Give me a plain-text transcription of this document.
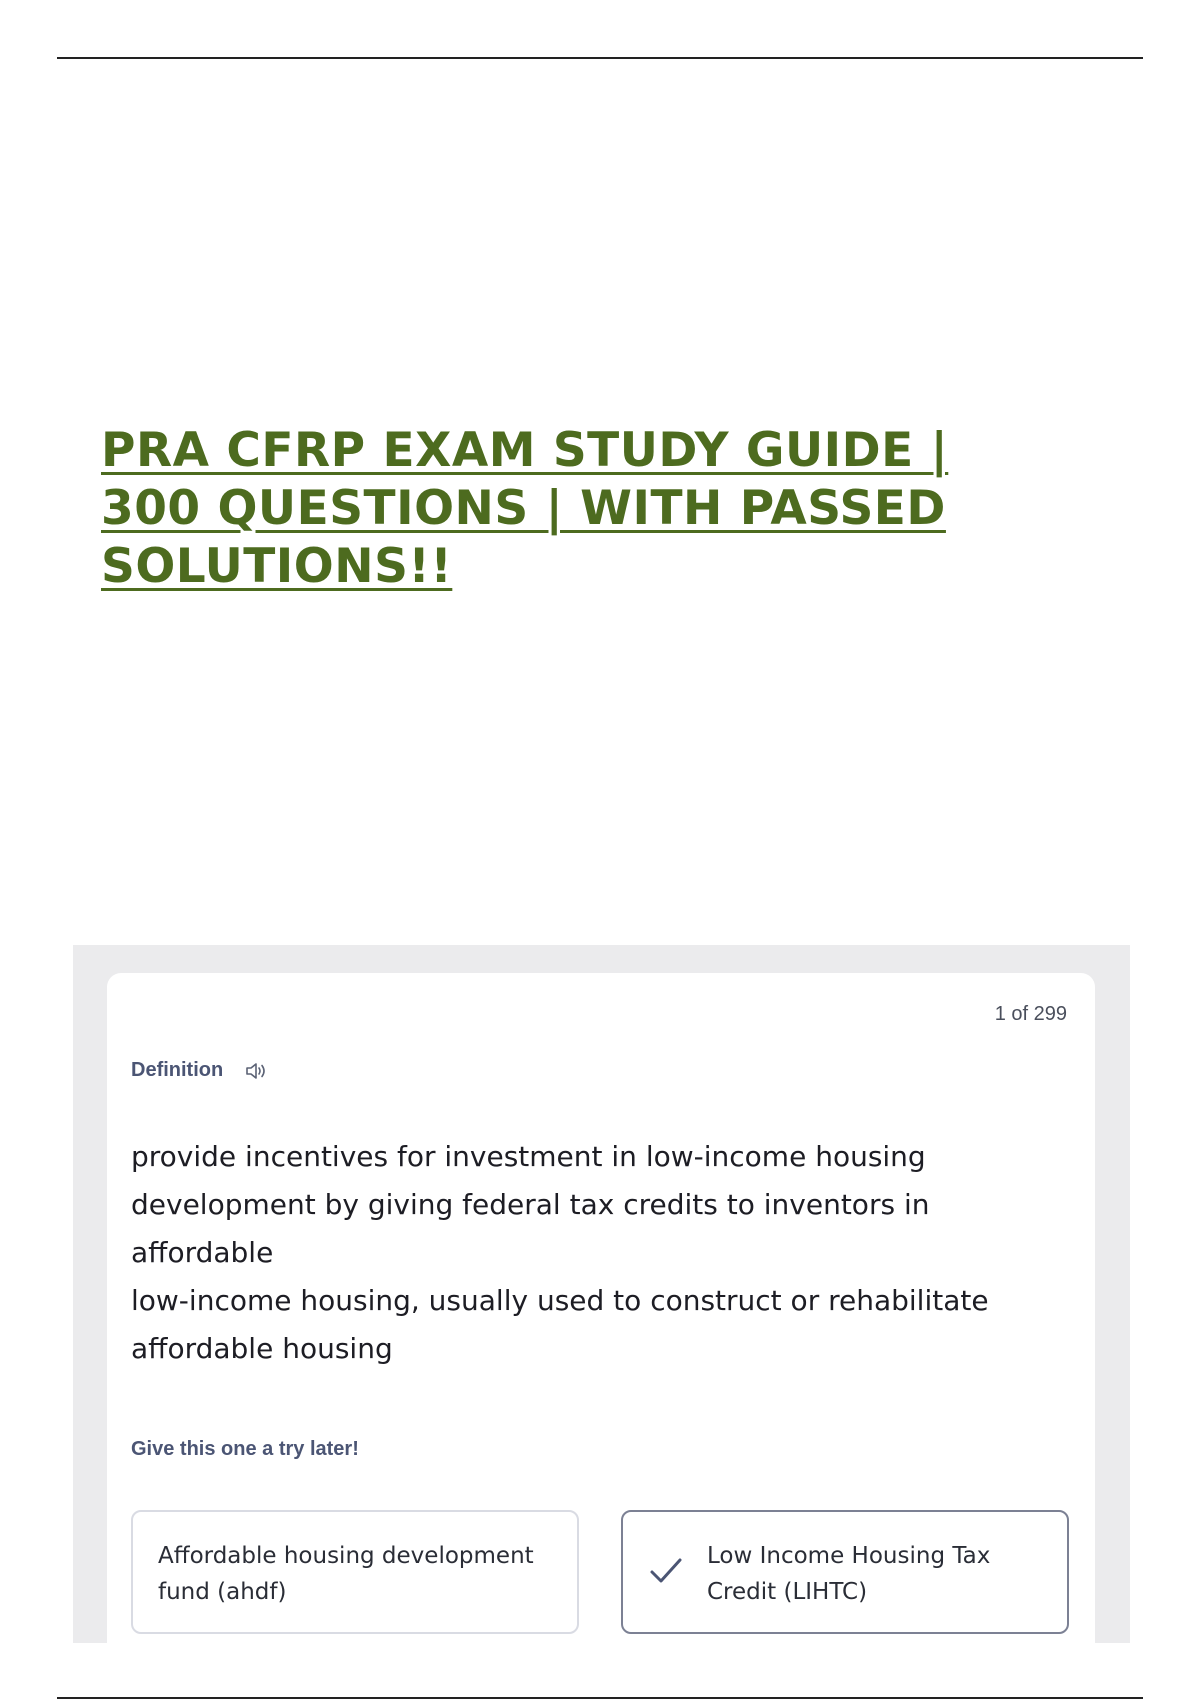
PRA CFRP EXAM STUDY GUIDE |
300 QUESTIONS | WITH PASSED
SOLUTIONS!!
1 of 299
Definition

provide incentives for investment in low-income housing
development by giving federal tax credits to inventors in affordable
low-income housing, usually used to construct or rehabilitate
affordable housing

Give this one a try later!
Affordable housing development
fund (ahdf)
Low Income Housing Tax
Credit (LIHTC)
